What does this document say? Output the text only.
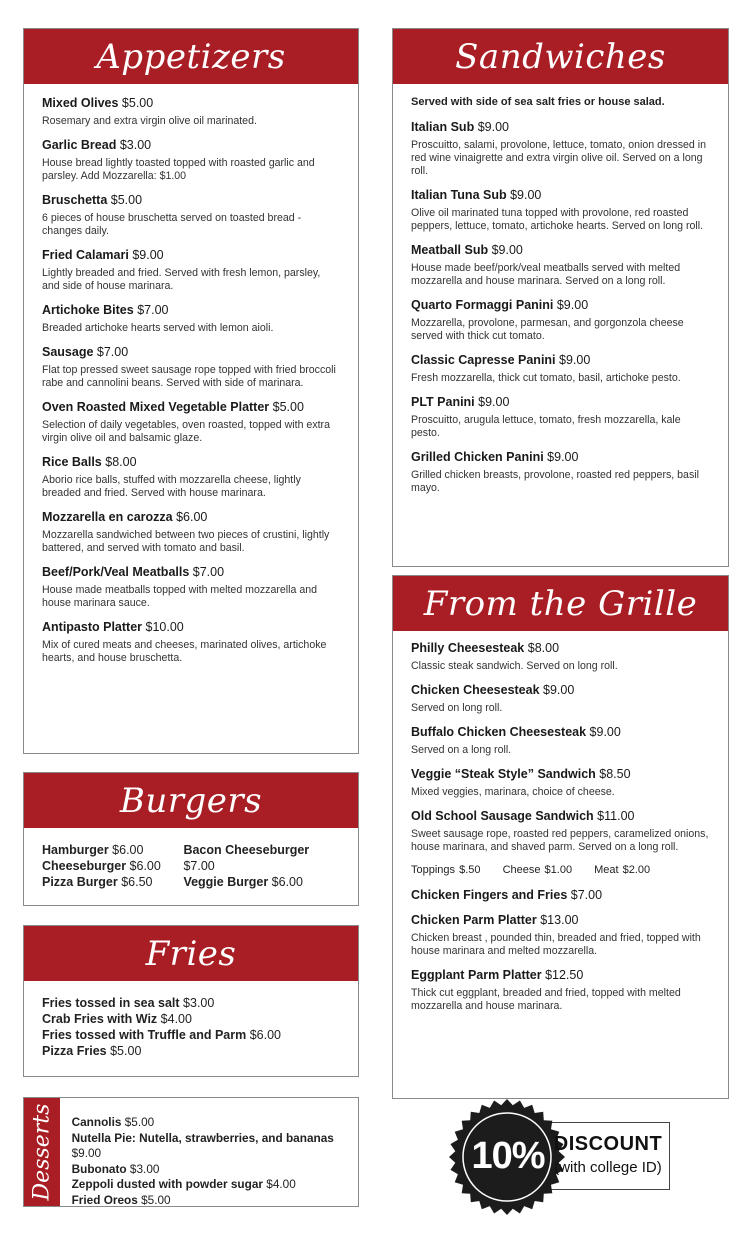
Appetizers
Mixed Olives $5.00
Rosemary and extra virgin olive oil marinated.
Garlic Bread $3.00
House bread lightly toasted topped with roasted garlic and parsley. Add Mozzarella: $1.00
Bruschetta $5.00
6 pieces of house bruschetta served on toasted bread - changes daily.
Fried Calamari $9.00
Lightly breaded and fried. Served with fresh lemon, parsley, and side of house marinara.
Artichoke Bites $7.00
Breaded artichoke hearts served with lemon aioli.
Sausage $7.00
Flat top pressed sweet sausage rope topped with fried broccoli rabe and cannolini beans. Served with side of marinara.
Oven Roasted Mixed Vegetable Platter $5.00
Selection of daily vegetables, oven roasted, topped with extra virgin olive oil and balsamic glaze.
Rice Balls $8.00
Aborio rice balls, stuffed with mozzarella cheese, lightly breaded and fried. Served with house marinara.
Mozzarella en carozza $6.00
Mozzarella sandwiched between two pieces of crustini, lightly battered, and served with tomato and basil.
Beef/Pork/Veal Meatballs $7.00
House made meatballs topped with melted mozzarella and house marinara sauce.
Antipasto Platter $10.00
Mix of cured meats and cheeses, marinated olives, artichoke hearts, and house bruschetta.
Sandwiches
Served with side of sea salt fries or house salad.
Italian Sub $9.00
Proscuitto, salami, provolone, lettuce, tomato, onion dressed in red wine vinaigrette and extra virgin olive oil. Served on a long roll.
Italian Tuna Sub $9.00
Olive oil marinated tuna topped with provolone, red roasted peppers, lettuce, tomato, artichoke hearts. Served on long roll.
Meatball Sub $9.00
House made beef/pork/veal meatballs served with melted mozzarella and house marinara. Served on a long roll.
Quarto Formaggi Panini $9.00
Mozzarella, provolone, parmesan, and gorgonzola cheese served with thick cut tomato.
Classic Capresse Panini $9.00
Fresh mozzarella, thick cut tomato, basil, artichoke pesto.
PLT Panini $9.00
Proscuitto, arugula lettuce, tomato, fresh mozzarella, kale pesto.
Grilled Chicken Panini $9.00
Grilled chicken breasts, provolone, roasted red peppers, basil mayo.
From the Grille
Philly Cheesesteak $8.00
Classic steak sandwich. Served on long roll.
Chicken Cheesesteak $9.00
Served on long roll.
Buffalo Chicken Cheesesteak $9.00
Served on a long roll.
Veggie “Steak Style” Sandwich $8.50
Mixed veggies, marinara, choice of cheese.
Old School Sausage Sandwich $11.00
Sweet sausage rope, roasted red peppers, caramelized onions, house marinara, and shaved parm. Served on a long roll.
Toppings $.50 Cheese $1.00 Meat $2.00
Chicken Fingers and Fries $7.00
Chicken Parm Platter $13.00
Chicken breast , pounded thin, breaded and fried, topped with house marinara and melted mozzarella.
Eggplant Parm Platter $12.50
Thick cut eggplant, breaded and fried, topped with melted mozzarella and house marinara.
Burgers
Hamburger $6.00
Cheeseburger $6.00
Pizza Burger $6.50
Bacon Cheeseburger $7.00
Veggie Burger $6.00
Fries
Fries tossed in sea salt $3.00
Crab Fries with Wiz $4.00
Fries tossed with Truffle and Parm $6.00
Pizza Fries $5.00
Desserts Cannolis $5.00
Nutella Pie: Nutella, strawberries, and bananas $9.00
Bubonato $3.00
Zeppoli dusted with powder sugar $4.00
Fried Oreos $5.00
10% DISCOUNT
(with college ID)
